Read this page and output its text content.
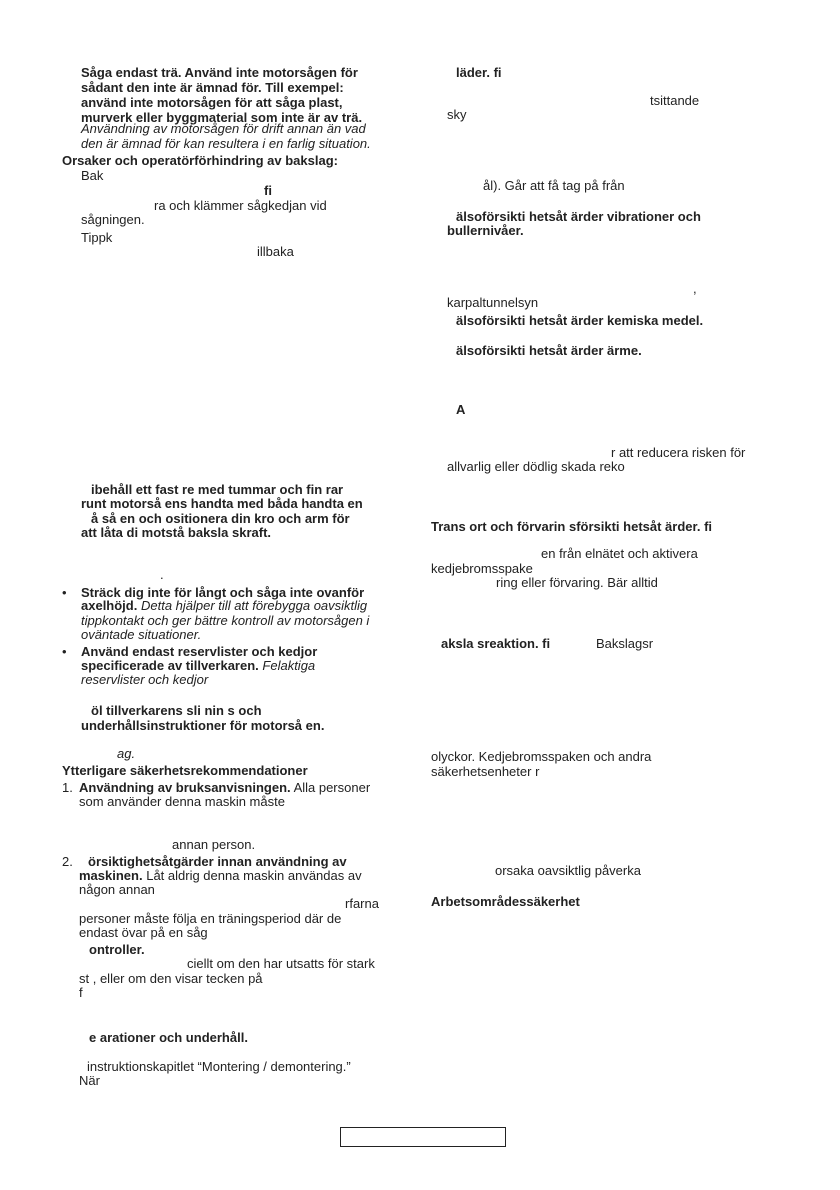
Såga endast trä. Använd inte motorsågen för
sådant den inte är ämnad för. Till exempel:
använd inte motorsågen för att såga plast,
murverk eller byggmaterial som inte är av trä.
Användning av motorsågen för drift annan än vad
den är ämnad för kan resultera i en farlig situation.
Orsaker och operatörförhindring av bakslag:
Bak
fi
ra och klämmer sågkedjan vid
sågningen.
Tippk
illbaka
ibehåll ett fast re med tummar och fin rar
runt motorså ens handta med båda handta en
å så en och ositionera din kro och arm för
att låta di motstå baksla skraft.
.
• Sträck dig inte för långt och såga inte ovanför
axelhöjd. Detta hjälper till att förebygga oavsiktlig
tippkontakt och ger bättre kontroll av motorsågen i
oväntade situationer.
• Använd endast reservlister och kedjor
specificerade av tillverkaren. Felaktiga
reservlister och kedjor
öl tillverkarens sli nin s och
underhållsinstruktioner för motorså en.
ag.
Ytterligare säkerhetsrekommendationer
1. Användning av bruksanvisningen. Alla personer
som använder denna maskin måste
annan person.
2. örsiktighetsåtgärder innan användning av
maskinen. Låt aldrig denna maskin användas av
någon annan
rfarna
personer måste följa en träningsperiod där de
endast övar på en såg
ontroller.
ciellt om den har utsatts för stark
st , eller om den visar tecken på
f
e arationer och underhåll.
instruktionskapitlet “Montering / demontering.”
När
läder. fi
tsittande
sky
ål). Går att få tag på från
älsoförsikti hetsåt ärder vibrationer och
bullernivåer.
,
karpaltunnelsyn
älsoförsikti hetsåt ärder kemiska medel.
älsoförsikti hetsåt ärder ärme.
A
r att reducera risken för
allvarlig eller dödlig skada reko
Trans ort och förvarin sförsikti hetsåt ärder. fi
en från elnätet och aktivera
kedjebromsspake
ring eller förvaring. Bär alltid
aksla sreaktion. fi	Bakslagsr
olyckor. Kedjebromsspaken och andra
säkerhetsenheter r
orsaka oavsiktlig påverka
Arbetsområdessäkerhet
